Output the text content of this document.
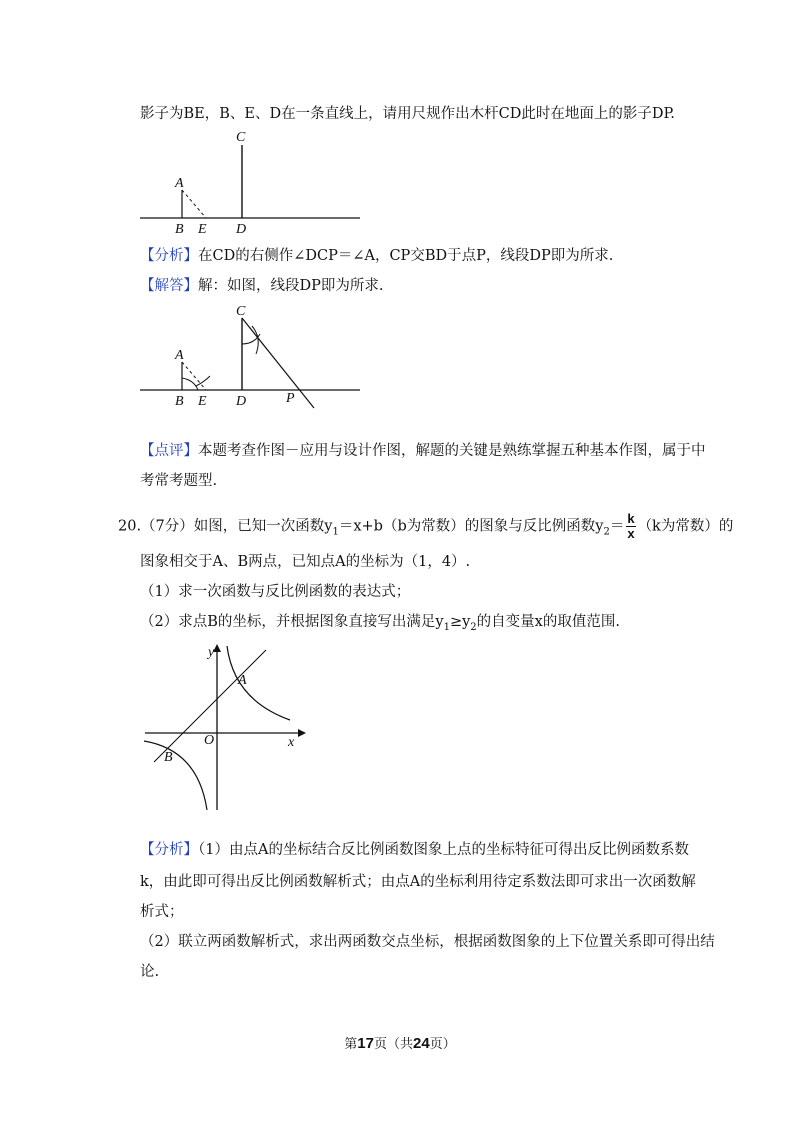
影子为BE，B、E、D在一条直线上，请用尺规作出木杆CD此时在地面上的影子DP.
C
A
B E D
【分析】在CD的右侧作∠DCP＝∠A，CP交BD于点P，线段DP即为所求.
【解答】解：如图，线段DP即为所求.
C
A
B E D	P
【点评】本题考查作图－应用与设计作图，解题的关键是熟练掌握五种基本作图，属于中
考常考题型.
20.（7分）如图，已知一次函数$y_1=x+b(b$为常数）的图象与反比例函数$y_2= \frac{k}{x} (k$为常数）的
图象相交于A、B两点，已知点A的坐标为（1，4）.
（1）求一次函数与反比例函数的表达式；
（2）求点B的坐标，并根据图象直接写出满足$y_1\ge y_2$的自变量x的取值范围.
y
x
O
A
B
【分析】（1）由点A的坐标结合反比例函数图象上点的坐标特征可得出反比例函数系数
k，由此即可得出反比例函数解析式；由点A的坐标利用待定系数法即可求出一次函数解
析式；
（2）联立两函数解析式，求出两函数交点坐标，根据函数图象的上下位置关系即可得出结
论.
第17页（共24页）
